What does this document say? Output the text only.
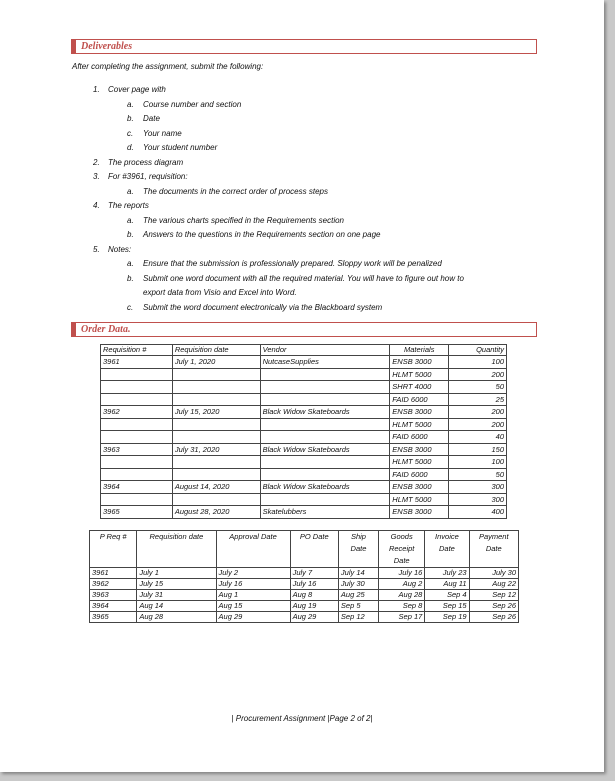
Deliverables
After completing the assignment, submit the following:
1. Cover page with
a. Course number and section
b. Date
c. Your name
d. Your student number
2. The process diagram
3. For #3961, requisition:
a. The documents in the correct order of process steps
4. The reports
a. The various charts specified in the Requirements section
b. Answers to the questions in the Requirements section on one page
5. Notes:
a. Ensure that the submission is professionally prepared. Sloppy work will be penalized
b. Submit one word document with all the required material. You will have to figure out how to
export data from Visio and Excel into Word.
c. Submit the word document electronically via the Blackboard system
Order Data.
Requisition #	Requisition date	Vendor	Materials	Quantity
3961	July 1, 2020	NutcaseSupplies	ENSB 3000	100
			HLMT 5000	200
			SHRT 4000	50
			FAID 6000	25
3962	July 15, 2020	Black Widow Skateboards	ENSB 3000	200
			HLMT 5000	200
			FAID 6000	40
3963	July 31, 2020	Black Widow Skateboards	ENSB 3000	150
			HLMT 5000	100
			FAID 6000	50
3964	August 14, 2020	Black Widow Skateboards	ENSB 3000	300
			HLMT 5000	300
3965	August 28, 2020	Skatelubbers	ENSB 3000	400
P Req #	Requisition date	Approval Date	PO Date	Ship
Date	Goods
Receipt
Date	Invoice
Date	Payment
Date
3961	July 1	July 2	July 7	July 14	July 16	July 23	July 30
3962	July 15	July 16	July 16	July 30	Aug 2	Aug 11	Aug 22
3963	July 31	Aug 1	Aug 8	Aug 25	Aug 28	Sep 4	Sep 12
3964	Aug 14	Aug 15	Aug 19	Sep 5	Sep 8	Sep 15	Sep 26
3965	Aug 28	Aug 29	Aug 29	Sep 12	Sep 17	Sep 19	Sep 26
| Procurement Assignment |Page 2 of 2|
